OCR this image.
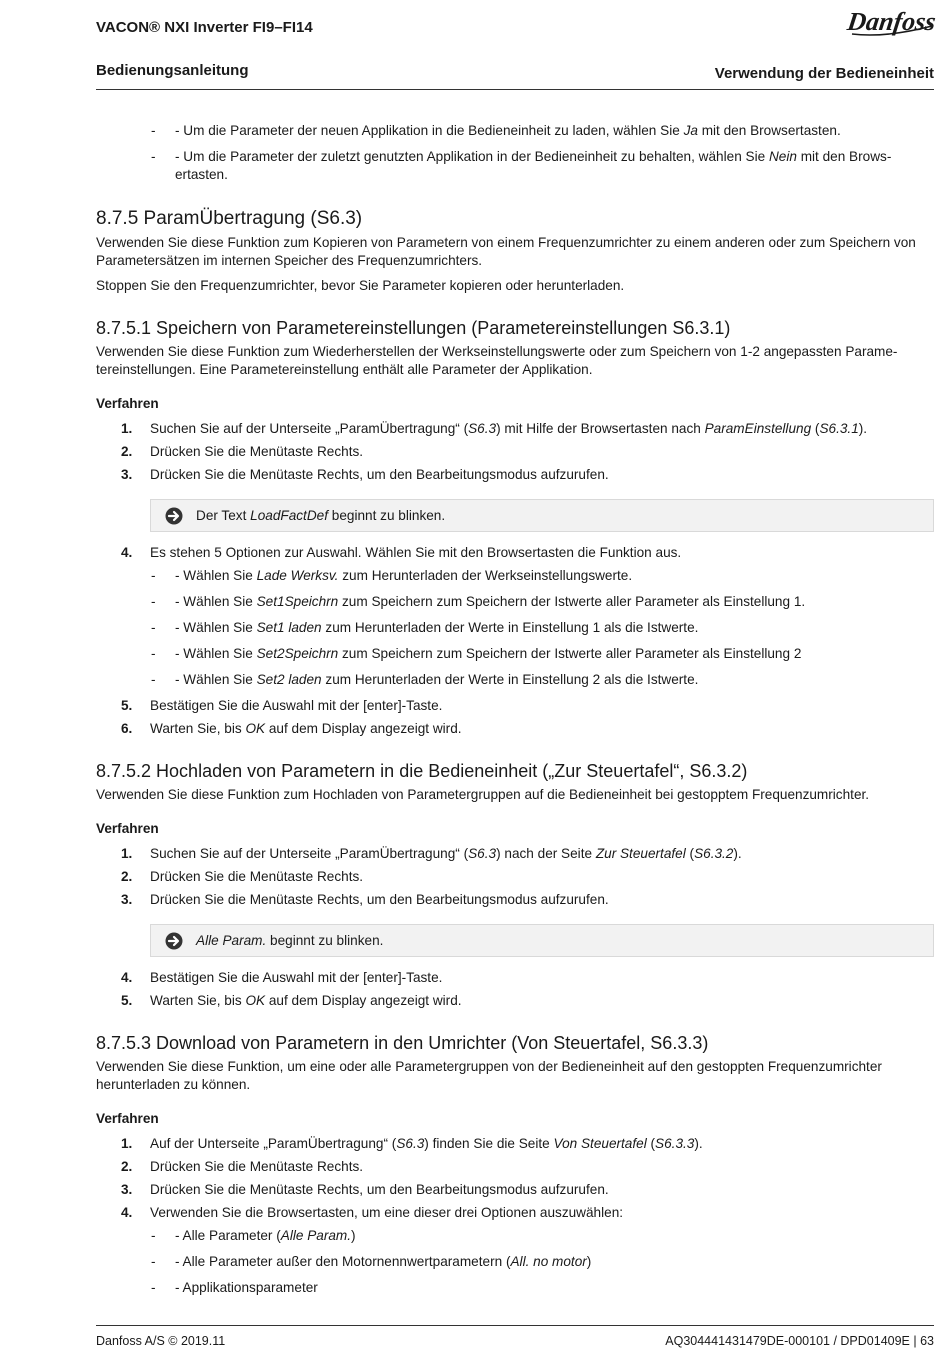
VACON® NXI Inverter FI9–FI14	Danfoss
Bedienungsanleitung	Verwendung der Bedieneinheit
-	- Um die Parameter der neuen Applikation in die Bedieneinheit zu laden, wählen Sie Ja mit den Browsertasten.
-	- Um die Parameter der zuletzt genutzten Applikation in der Bedieneinheit zu behalten, wählen Sie Nein mit den Brows-ertasten.
8.7.5 ParamÜbertragung (S6.3)

Verwenden Sie diese Funktion zum Kopieren von Parametern von einem Frequenzumrichter zu einem anderen oder zum Speichern von Parametersätzen im internen Speicher des Frequenzumrichters.

Stoppen Sie den Frequenzumrichter, bevor Sie Parameter kopieren oder herunterladen.

8.7.5.1 Speichern von Parametereinstellungen (Parametereinstellungen S6.3.1)

Verwenden Sie diese Funktion zum Wiederherstellen der Werkseinstellungswerte oder zum Speichern von 1-2 angepassten Parame-tereinstellungen. Eine Parametereinstellung enthält alle Parameter der Applikation.

Verfahren
1.	Suchen Sie auf der Unterseite „ParamÜbertragung“ (S6.3) mit Hilfe der Browsertasten nach ParamEinstellung (S6.3.1).
2.	Drücken Sie die Menütaste Rechts.
3.	Drücken Sie die Menütaste Rechts, um den Bearbeitungsmodus aufzurufen.
Der Text LoadFactDef beginnt zu blinken.
4.	Es stehen 5 Optionen zur Auswahl. Wählen Sie mit den Browsertasten die Funktion aus.
-	- Wählen Sie Lade Werksv. zum Herunterladen der Werkseinstellungswerte.
-	- Wählen Sie Set1Speichrn zum Speichern zum Speichern der Istwerte aller Parameter als Einstellung 1.
-	- Wählen Sie Set1 laden zum Herunterladen der Werte in Einstellung 1 als die Istwerte.
-	- Wählen Sie Set2Speichrn zum Speichern zum Speichern der Istwerte aller Parameter als Einstellung 2
-	- Wählen Sie Set2 laden zum Herunterladen der Werte in Einstellung 2 als die Istwerte.
5.	Bestätigen Sie die Auswahl mit der [enter]-Taste.
6.	Warten Sie, bis OK auf dem Display angezeigt wird.
8.7.5.2 Hochladen von Parametern in die Bedieneinheit („Zur Steuertafel“, S6.3.2)

Verwenden Sie diese Funktion zum Hochladen von Parametergruppen auf die Bedieneinheit bei gestopptem Frequenzumrichter.

Verfahren
1.	Suchen Sie auf der Unterseite „ParamÜbertragung“ (S6.3) nach der Seite Zur Steuertafel (S6.3.2).
2.	Drücken Sie die Menütaste Rechts.
3.	Drücken Sie die Menütaste Rechts, um den Bearbeitungsmodus aufzurufen.
Alle Param. beginnt zu blinken.
4.	Bestätigen Sie die Auswahl mit der [enter]-Taste.
5.	Warten Sie, bis OK auf dem Display angezeigt wird.
8.7.5.3 Download von Parametern in den Umrichter (Von Steuertafel, S6.3.3)

Verwenden Sie diese Funktion, um eine oder alle Parametergruppen von der Bedieneinheit auf den gestoppten Frequenzumrichter herunterladen zu können.

Verfahren
1.	Auf der Unterseite „ParamÜbertragung“ (S6.3) finden Sie die Seite Von Steuertafel (S6.3.3).
2.	Drücken Sie die Menütaste Rechts.
3.	Drücken Sie die Menütaste Rechts, um den Bearbeitungsmodus aufzurufen.
4.	Verwenden Sie die Browsertasten, um eine dieser drei Optionen auszuwählen:
-	- Alle Parameter (Alle Param.)
-	- Alle Parameter außer den Motornennwertparametern (All. no motor)
-	- Applikationsparameter
Danfoss A/S © 2019.11	AQ304441431479DE-000101 / DPD01409E | 63
